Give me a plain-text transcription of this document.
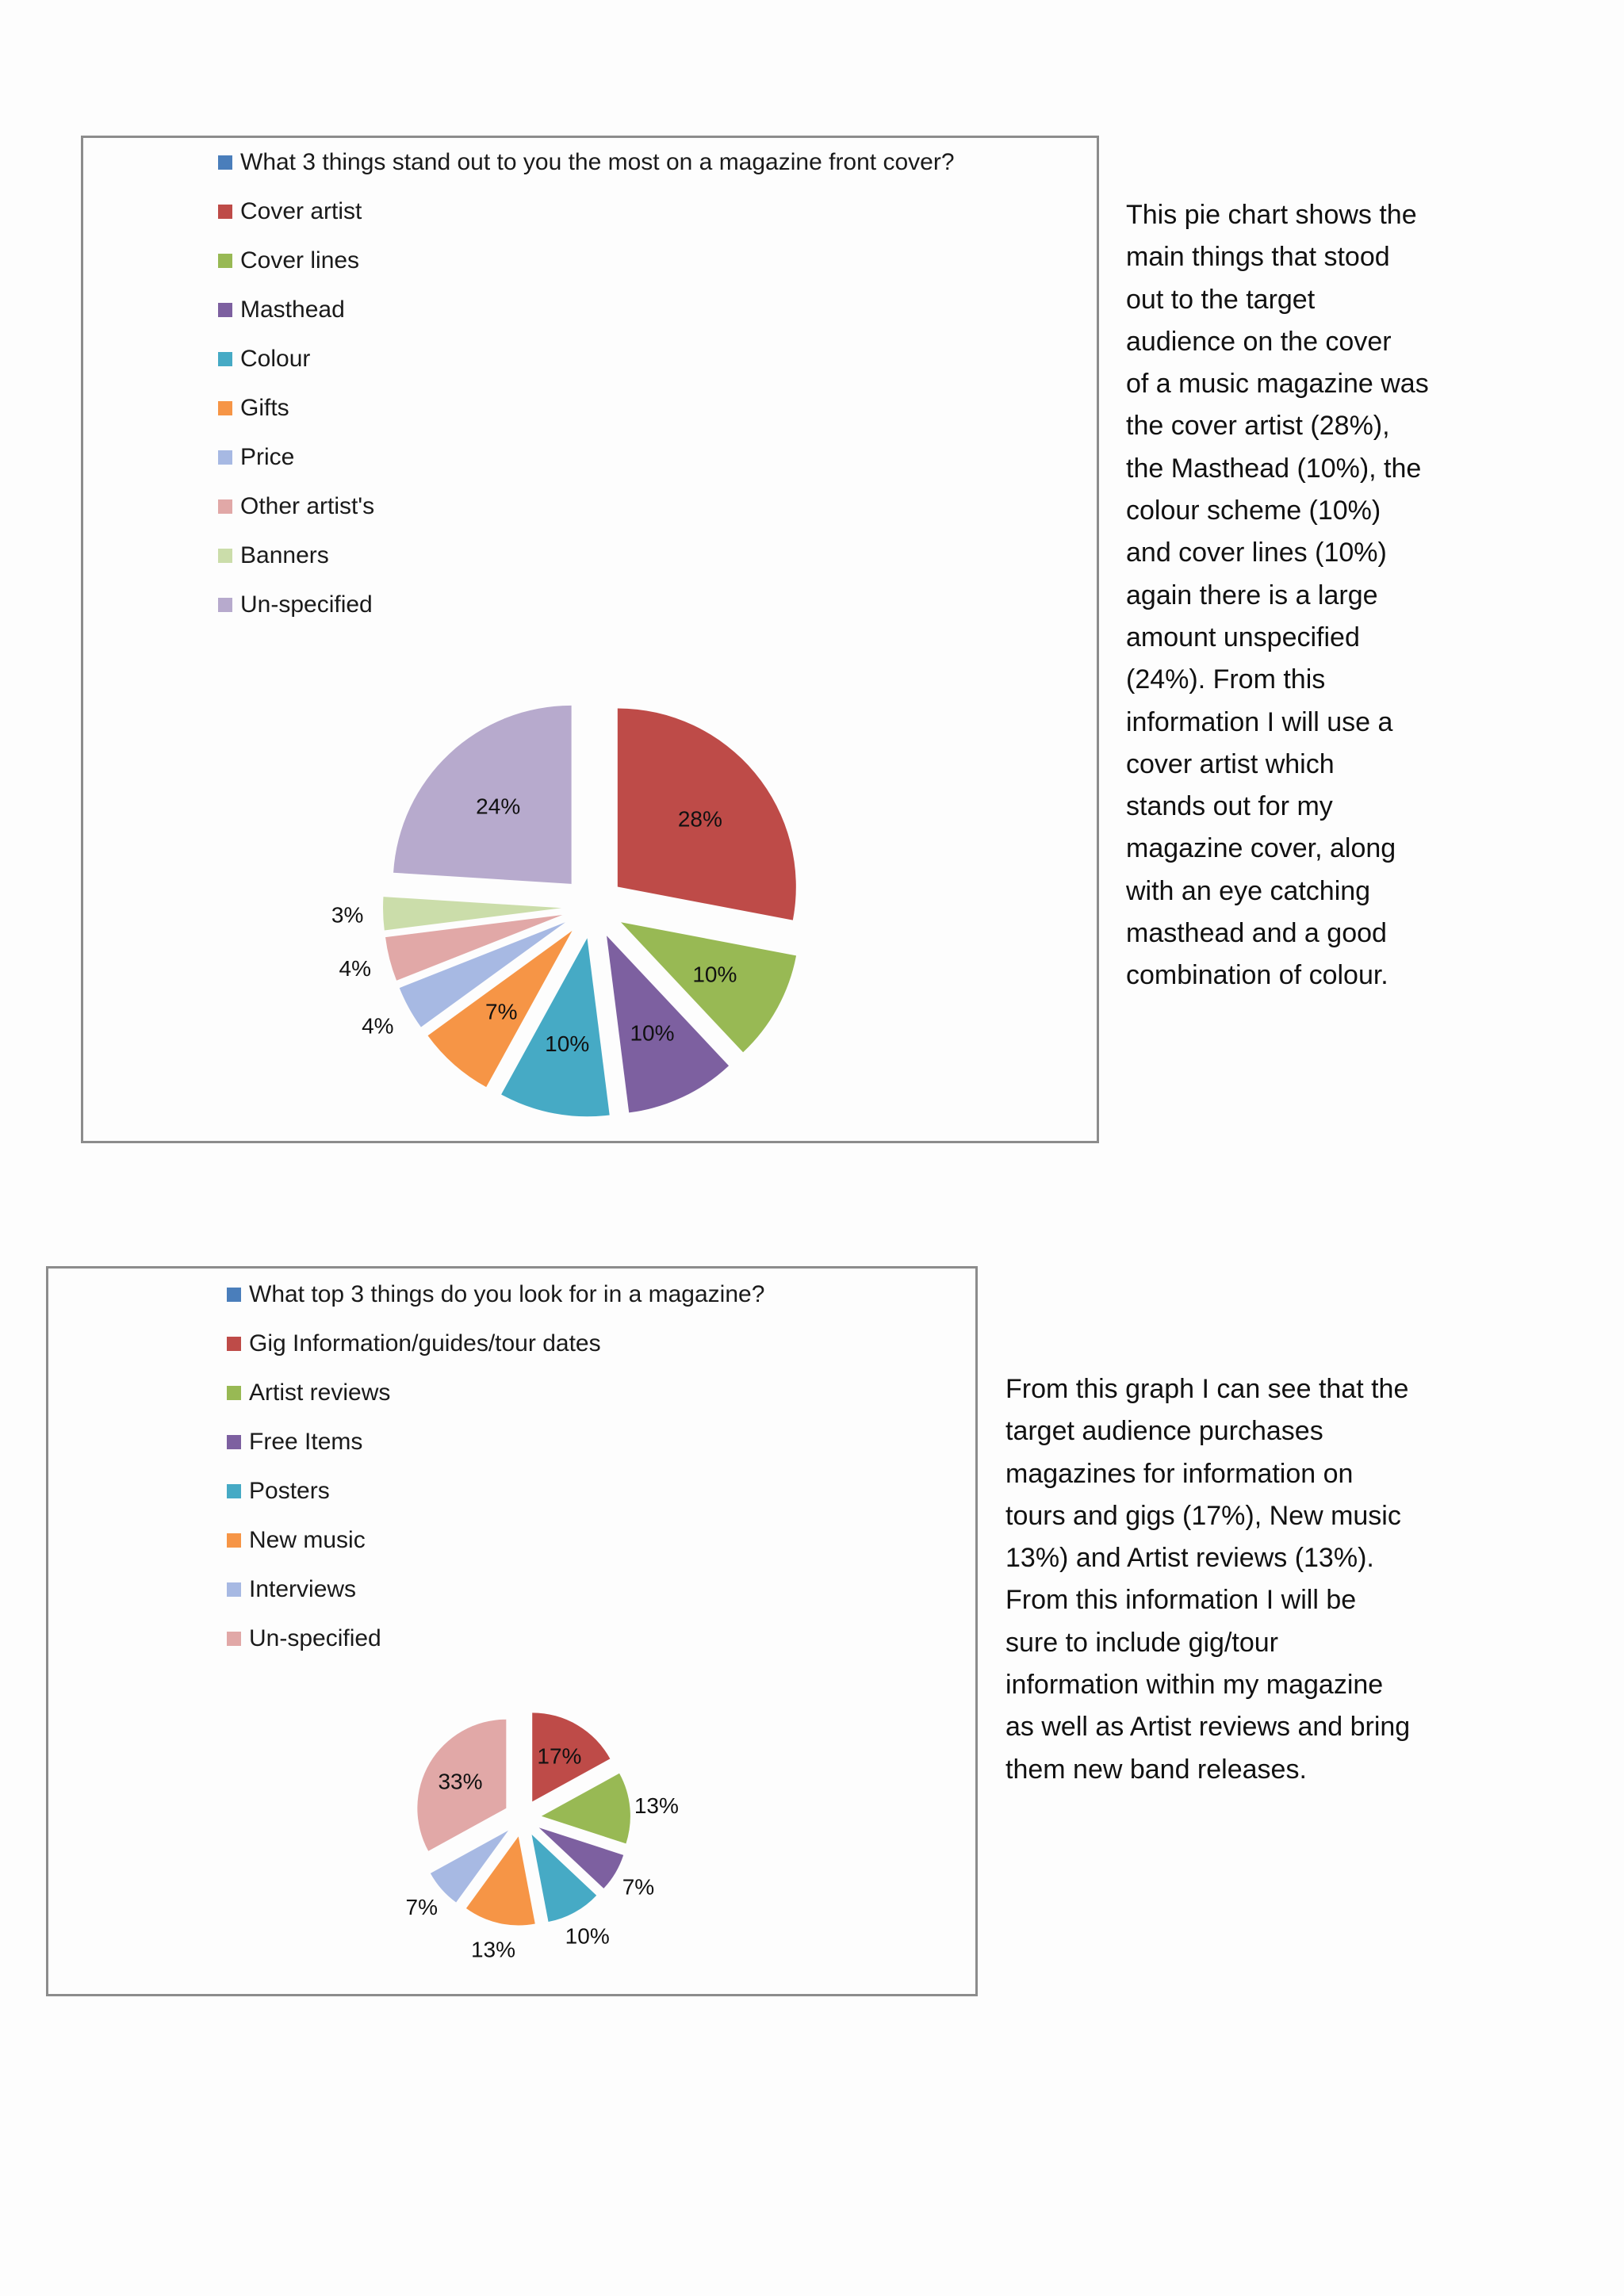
What 3 things stand out to you the most on a magazine front cover?
Cover artist
Cover lines
Masthead
Colour
Gifts
Price
Other artist's
Banners
Un-specified
28%
10%
10%
10%
7%
4%
4%
3%
24%

This pie chart shows the
main things that stood
out to the target
audience on the cover
of a music magazine was
the cover artist (28%),
the Masthead (10%), the
colour scheme (10%)
and cover lines (10%)
again there is a large
amount unspecified
(24%). From this
information I will use a
cover artist which
stands out for my
magazine cover, along
with an eye catching
masthead and a good
combination of colour.

What top 3 things do you look for in a magazine?
Gig Information/guides/tour dates
Artist reviews
Free Items
Posters
New music
Interviews
Un-specified
17%
13%
7%
10%
13%
7%
33%

From this graph I can see that the
target audience purchases
magazines for information on
tours and gigs (17%), New music
13%) and Artist reviews (13%).
From this information I will be
sure to include gig/tour
information within my magazine
as well as Artist reviews and bring
them new band releases.
